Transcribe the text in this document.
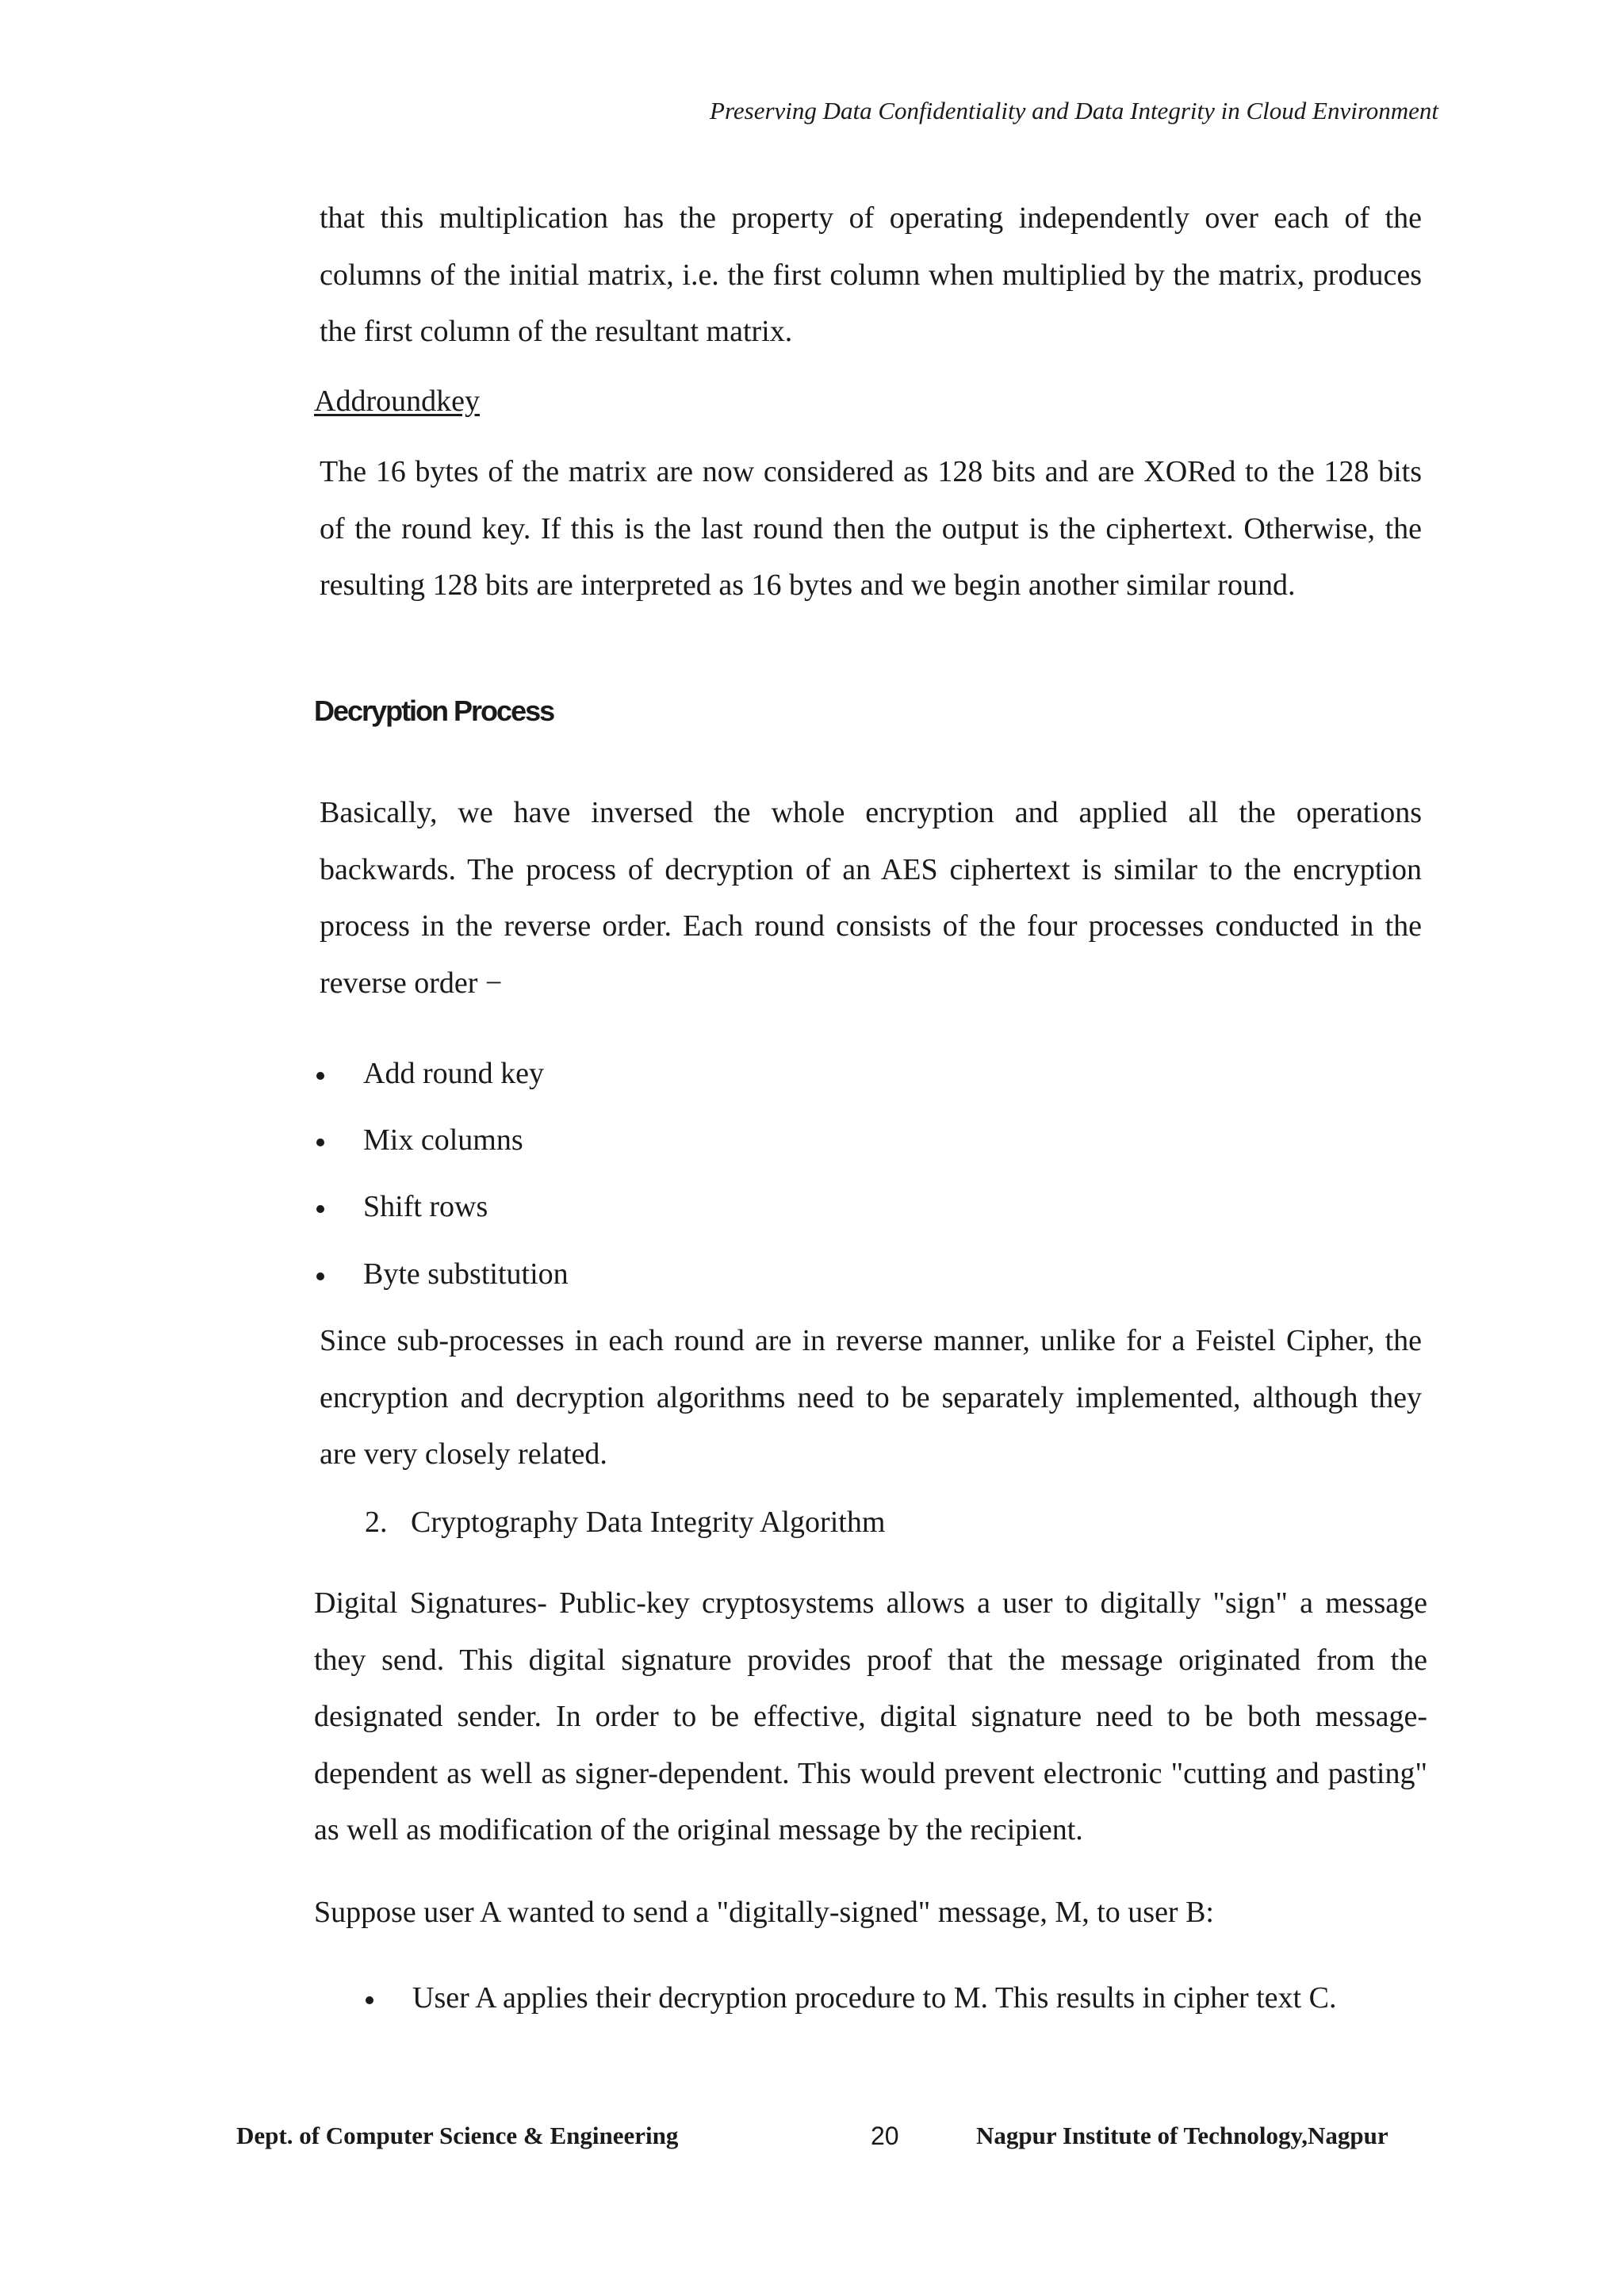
Preserving Data Confidentiality and Data Integrity in Cloud Environment

that this multiplication has the property of operating independently over each of the columns of the initial matrix, i.e. the first column when multiplied by the matrix, produces the first column of the resultant matrix.

Addroundkey

The 16 bytes of the matrix are now considered as 128 bits and are XORed to the 128 bits of the round key. If this is the last round then the output is the ciphertext. Otherwise, the resulting 128 bits are interpreted as 16 bytes and we begin another similar round.

Decryption Process

Basically, we have inversed the whole encryption and applied all the operations backwards. The process of decryption of an AES ciphertext is similar to the encryption process in the reverse order. Each round consists of the four processes conducted in the reverse order −

Add round key
Mix columns
Shift rows
Byte substitution

Since sub-processes in each round are in reverse manner, unlike for a Feistel Cipher, the encryption and decryption algorithms need to be separately implemented, although they are very closely related.

2. Cryptography Data Integrity Algorithm

Digital Signatures- Public-key cryptosystems allows a user to digitally "sign" a message they send. This digital signature provides proof that the message originated from the designated sender. In order to be effective, digital signature need to be both message-dependent as well as signer-dependent. This would prevent electronic "cutting and pasting" as well as modification of the original message by the recipient.

Suppose user A wanted to send a "digitally-signed" message, M, to user B:

User A applies their decryption procedure to M. This results in cipher text C.
Dept. of Computer Science & Engineering	20	Nagpur Institute of Technology,Nagpur
